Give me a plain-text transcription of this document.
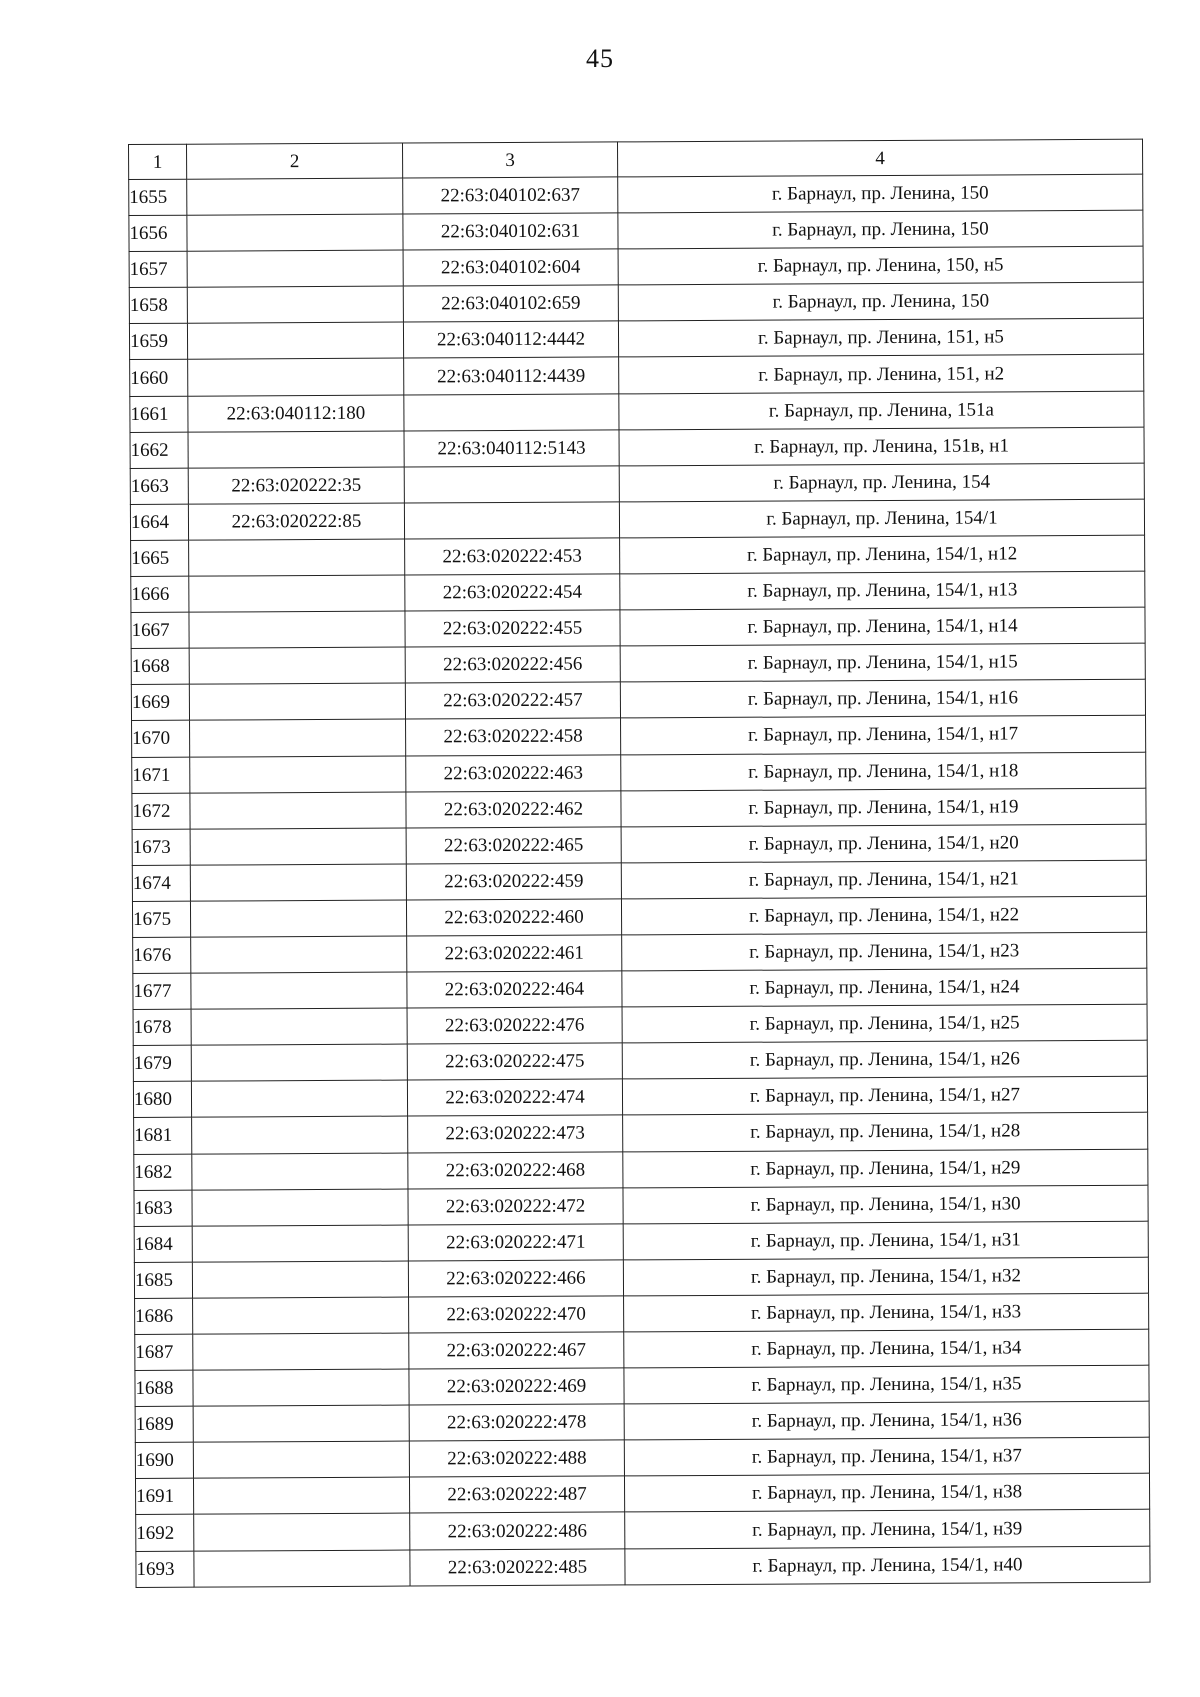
45
1	2	3	4
1655		22:63:040102:637	г. Барнаул, пр. Ленина, 150
1656		22:63:040102:631	г. Барнаул, пр. Ленина, 150
1657		22:63:040102:604	г. Барнаул, пр. Ленина, 150, н5
1658		22:63:040102:659	г. Барнаул, пр. Ленина, 150
1659		22:63:040112:4442	г. Барнаул, пр. Ленина, 151, н5
1660		22:63:040112:4439	г. Барнаул, пр. Ленина, 151, н2
1661	22:63:040112:180		г. Барнаул, пр. Ленина, 151а
1662		22:63:040112:5143	г. Барнаул, пр. Ленина, 151в, н1
1663	22:63:020222:35		г. Барнаул, пр. Ленина, 154
1664	22:63:020222:85		г. Барнаул, пр. Ленина, 154/1
1665		22:63:020222:453	г. Барнаул, пр. Ленина, 154/1, н12
1666		22:63:020222:454	г. Барнаул, пр. Ленина, 154/1, н13
1667		22:63:020222:455	г. Барнаул, пр. Ленина, 154/1, н14
1668		22:63:020222:456	г. Барнаул, пр. Ленина, 154/1, н15
1669		22:63:020222:457	г. Барнаул, пр. Ленина, 154/1, н16
1670		22:63:020222:458	г. Барнаул, пр. Ленина, 154/1, н17
1671		22:63:020222:463	г. Барнаул, пр. Ленина, 154/1, н18
1672		22:63:020222:462	г. Барнаул, пр. Ленина, 154/1, н19
1673		22:63:020222:465	г. Барнаул, пр. Ленина, 154/1, н20
1674		22:63:020222:459	г. Барнаул, пр. Ленина, 154/1, н21
1675		22:63:020222:460	г. Барнаул, пр. Ленина, 154/1, н22
1676		22:63:020222:461	г. Барнаул, пр. Ленина, 154/1, н23
1677		22:63:020222:464	г. Барнаул, пр. Ленина, 154/1, н24
1678		22:63:020222:476	г. Барнаул, пр. Ленина, 154/1, н25
1679		22:63:020222:475	г. Барнаул, пр. Ленина, 154/1, н26
1680		22:63:020222:474	г. Барнаул, пр. Ленина, 154/1, н27
1681		22:63:020222:473	г. Барнаул, пр. Ленина, 154/1, н28
1682		22:63:020222:468	г. Барнаул, пр. Ленина, 154/1, н29
1683		22:63:020222:472	г. Барнаул, пр. Ленина, 154/1, н30
1684		22:63:020222:471	г. Барнаул, пр. Ленина, 154/1, н31
1685		22:63:020222:466	г. Барнаул, пр. Ленина, 154/1, н32
1686		22:63:020222:470	г. Барнаул, пр. Ленина, 154/1, н33
1687		22:63:020222:467	г. Барнаул, пр. Ленина, 154/1, н34
1688		22:63:020222:469	г. Барнаул, пр. Ленина, 154/1, н35
1689		22:63:020222:478	г. Барнаул, пр. Ленина, 154/1, н36
1690		22:63:020222:488	г. Барнаул, пр. Ленина, 154/1, н37
1691		22:63:020222:487	г. Барнаул, пр. Ленина, 154/1, н38
1692		22:63:020222:486	г. Барнаул, пр. Ленина, 154/1, н39
1693		22:63:020222:485	г. Барнаул, пр. Ленина, 154/1, н40
